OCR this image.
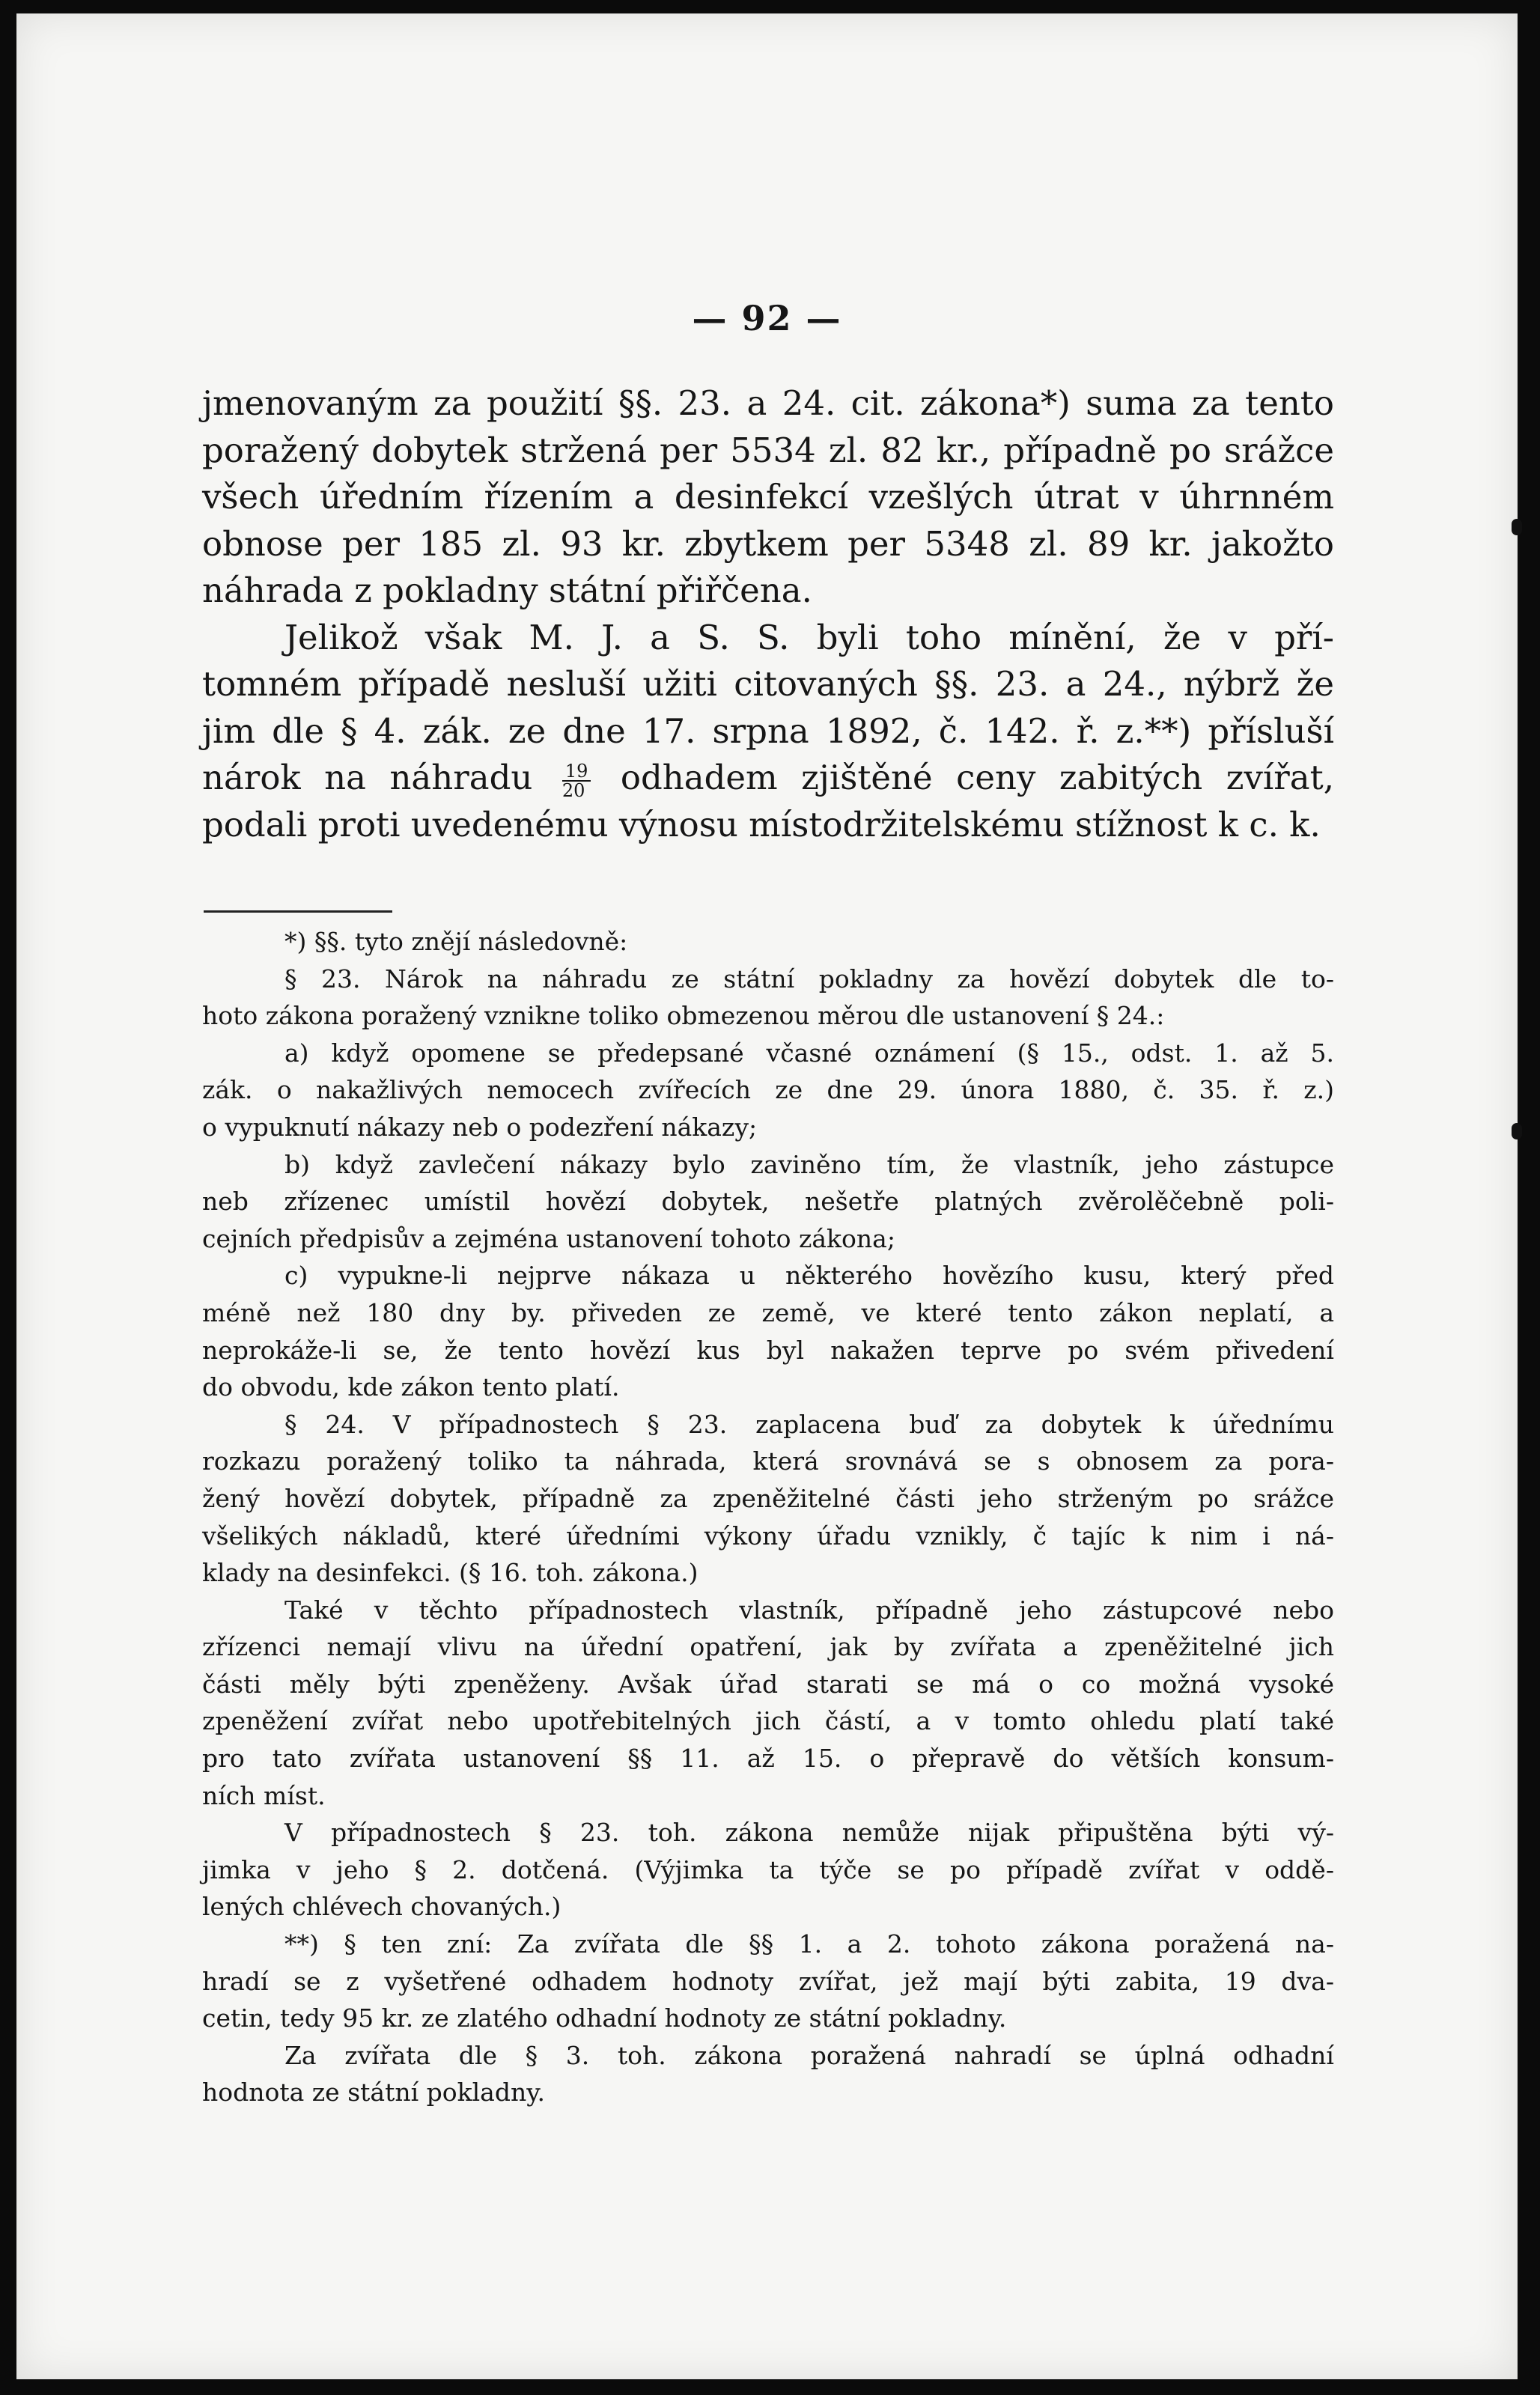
— 92 —

jmenovaným za použití §§. 23. a 24. cit. zákona*) suma za tento
poražený dobytek stržená per 5534 zl. 82 kr., případně po srážce
všech úředním řízením a desinfekcí vzešlých útrat v úhrnném
obnose per 185 zl. 93 kr. zbytkem per 5348 zl. 89 kr. jakožto
náhrada z pokladny státní přiřčena.

Jelikož však M. J. a S. S. byli toho mínění, že v pří-
tomném případě nesluší užiti citovaných §§. 23. a 24., nýbrž že
jim dle § 4. zák. ze dne 17. srpna 1892, č. 142. ř. z.**) přísluší
nárok na náhradu $\frac{19}{20}$ odhadem zjištěné ceny zabitých zvířat,
podali proti uvedenému výnosu místodržitelskému stížnost k c. k.

*) §§. tyto znějí následovně:
§ 23. Nárok na náhradu ze státní pokladny za hovězí dobytek dle to-
hoto zákona poražený vznikne toliko obmezenou měrou dle ustanovení § 24.:
a) když opomene se předepsané včasné oznámení (§ 15., odst. 1. až 5.
zák. o nakažlivých nemocech zvířecích ze dne 29. února 1880, č. 35. ř. z.)
o vypuknutí nákazy neb o podezření nákazy;
b) když zavlečení nákazy bylo zaviněno tím, že vlastník, jeho zástupce
neb zřízenec umístil hovězí dobytek, nešetře platných zvěrolěčebně poli-
cejních předpisův a zejména ustanovení tohoto zákona;
c) vypukne-li nejprve nákaza u některého hovězího kusu, který před
méně než 180 dny by. přiveden ze země, ve které tento zákon neplatí, a
neprokáže-li se, že tento hovězí kus byl nakažen teprve po svém přivedení
do obvodu, kde zákon tento platí.
§ 24. V případnostech § 23. zaplacena buď za dobytek k úřednímu
rozkazu poražený toliko ta náhrada, která srovnává se s obnosem za pora-
žený hovězí dobytek, případně za zpeněžitelné části jeho strženým po srážce
všelikých nákladů, které úředními výkony úřadu vznikly, č tajíc k nim i ná-
klady na desinfekci. (§ 16. toh. zákona.)
Také v těchto případnostech vlastník, případně jeho zástupcové nebo
zřízenci nemají vlivu na úřední opatření, jak by zvířata a zpeněžitelné jich
části měly býti zpeněženy. Avšak úřad starati se má o co možná vysoké
zpeněžení zvířat nebo upotřebitelných jich částí, a v tomto ohledu platí také
pro tato zvířata ustanovení §§ 11. až 15. o přepravě do větších konsum-
ních míst.
V případnostech § 23. toh. zákona nemůže nijak připuštěna býti vý-
jimka v jeho § 2. dotčená. (Výjimka ta týče se po případě zvířat v oddě-
lených chlévech chovaných.)
**) § ten zní: Za zvířata dle §§ 1. a 2. tohoto zákona poražená na-
hradí se z vyšetřené odhadem hodnoty zvířat, jež mají býti zabita, 19 dva-
cetin, tedy 95 kr. ze zlatého odhadní hodnoty ze státní pokladny.
Za zvířata dle § 3. toh. zákona poražená nahradí se úplná odhadní
hodnota ze státní pokladny.
